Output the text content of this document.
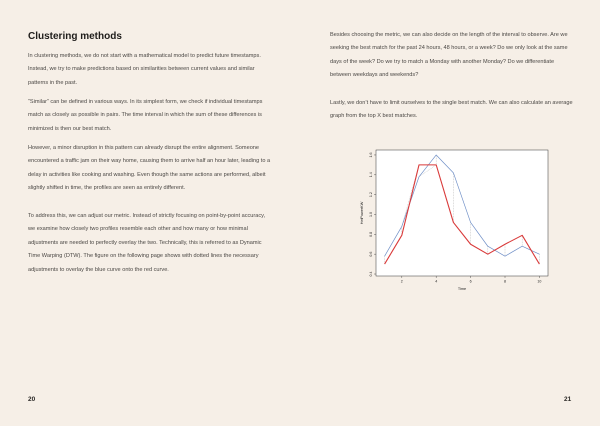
Clustering methods

In clustering methods, we do not start with a mathematical model to predict future timestamps. Instead, we try to make predictions based on similarities between current values and similar patterns in the past.

“Similar” can be defined in various ways. In its simplest form, we check if individual timestamps match as closely as possible in pairs. The time interval in which the sum of these differences is minimized is then our best match.

However, a minor disruption in this pattern can already disrupt the entire alignment. Someone encountered a traffic jam on their way home, causing them to arrive half an hour later, leading to a delay in activities like cooking and washing. Even though the same actions are performed, albeit slightly shifted in time, the profiles are seen as entirely different.

To address this, we can adjust our metric. Instead of strictly focusing on point-by-point accuracy, we examine how closely two profiles resemble each other and how many or how minimal adjustments are needed to perfectly overlay the two. Technically, this is referred to as Dynamic Time Warping (DTW). The figure on the following page shows with dotted lines the necessary adjustments to overlay the blue curve onto the red curve.

20

Besides choosing the metric, we can also decide on the length of the interval to observe. Are we seeking the best match for the past 24 hours, 48 hours, or a week? Do we only look at the same days of the week? Do we try to match a Monday with another Monday? Do we differentiate between weekdays and weekends?

Lastly, we don’t have to limit ourselves to the single best match. We can also calculate an average graph from the top X best matches.

2	4	6	8	10
0.4
0.6
0.8
1.0
1.2
1.4
1.6
Time
HeiPowerKW
21
